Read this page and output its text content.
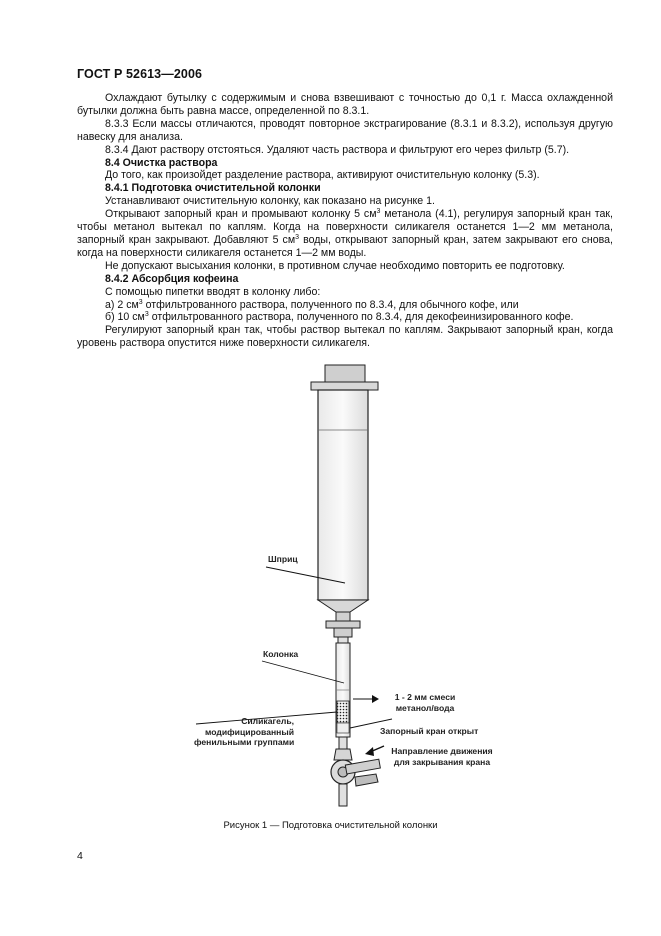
ГОСТ Р 52613—2006

Охлаждают бутылку с содержимым и снова взвешивают с точностью до 0,1 г. Масса охлажденной бутылки должна быть равна массе, определенной по 8.3.1.

8.3.3 Если массы отличаются, проводят повторное экстрагирование (8.3.1 и 8.3.2), используя другую навеску для анализа.

8.3.4 Дают раствору отстояться. Удаляют часть раствора и фильтруют его через фильтр (5.7).

8.4 Очистка раствора

До того, как произойдет разделение раствора, активируют очистительную колонку (5.3).

8.4.1 Подготовка очистительной колонки

Устанавливают очистительную колонку, как показано на рисунке 1.

Открывают запорный кран и промывают колонку 5 $см^3$ метанола (4.1), регулируя запорный кран так, чтобы метанол вытекал по каплям. Когда на поверхности силикагеля останется 1—2 мм метанола, запорный кран закрывают. Добавляют 5 $см^3$ воды, открывают запорный кран, затем закрывают его снова, когда на поверхности силикагеля останется 1—2 мм воды.

Не допускают высыхания колонки, в противном случае необходимо повторить ее подготовку.

8.4.2 Абсорбция кофеина

С помощью пипетки вводят в колонку либо:

а) 2 $см^3$ отфильтрованного раствора, полученного по 8.3.4, для обычного кофе, или

б) 10 $см^3$ отфильтрованного раствора, полученного по 8.3.4, для декофеинизированного кофе.

Регулируют запорный кран так, чтобы раствор вытекал по каплям. Закрывают запорный кран, когда уровень раствора опустится ниже поверхности силикагеля.

Шприц
Колонка
Силикагель,
модифицированный
фенильными группами
1 - 2 мм смеси
метанол/вода
Запорный кран открыт
Направление движения
для закрывания крана
Рисунок 1 — Подготовка очистительной колонки
4
